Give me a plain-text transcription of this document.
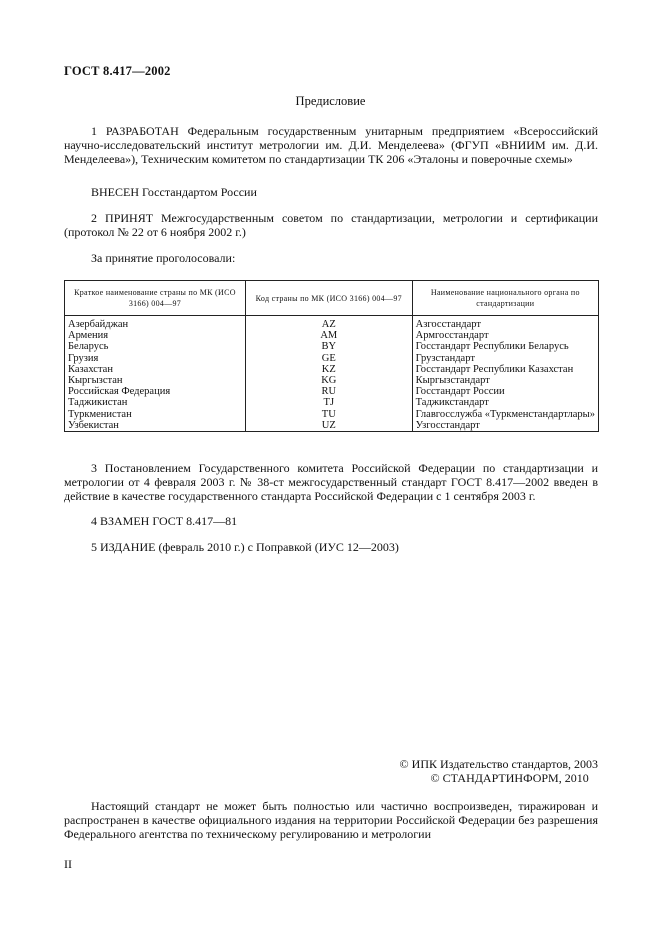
ГОСТ 8.417—2002
Предисловие
1 РАЗРАБОТАН Федеральным государственным унитарным предприятием «Всероссийский научно-исследовательский институт метрологии им. Д.И. Менделеева» (ФГУП «ВНИИМ им. Д.И. Менделеева»), Техническим комитетом по стандартизации ТК 206 «Эталоны и поверочные схемы»
ВНЕСЕН Госстандартом России
2 ПРИНЯТ Межгосударственным советом по стандартизации, метрологии и сертификации (протокол № 22 от 6 ноября 2002 г.)
За принятие проголосовали:
Краткое наименование страны по МК (ИСО 3166) 004—97	Код страны по МК (ИСО 3166) 004—97	Наименование национального органа по стандартизации
Азербайджан	AZ	Азгосстандарт
Армения	AM	Армгосстандарт
Беларусь	BY	Госстандарт Республики Беларусь
Грузия	GE	Грузстандарт
Казахстан	KZ	Госстандарт Республики Казахстан
Кыргызстан	KG	Кыргызстандарт
Российская Федерация	RU	Госстандарт России
Таджикистан	TJ	Таджикстандарт
Туркменистан	TU	Главгосслужба «Туркменстандартлары»
Узбекистан	UZ	Узгосстандарт
3 Постановлением Государственного комитета Российской Федерации по стандартизации и метрологии от 4 февраля 2003 г. № 38-ст межгосударственный стандарт ГОСТ 8.417—2002 введен в действие в качестве государственного стандарта Российской Федерации с 1 сентября 2003 г.
4 ВЗАМЕН ГОСТ 8.417—81
5 ИЗДАНИЕ (февраль 2010 г.) с Поправкой (ИУС 12—2003)
© ИПК Издательство стандартов, 2003
© СТАНДАРТИНФОРМ, 2010
Настоящий стандарт не может быть полностью или частично воспроизведен, тиражирован и распространен в качестве официального издания на территории Российской Федерации без разрешения Федерального агентства по техническому регулированию и метрологии
II
